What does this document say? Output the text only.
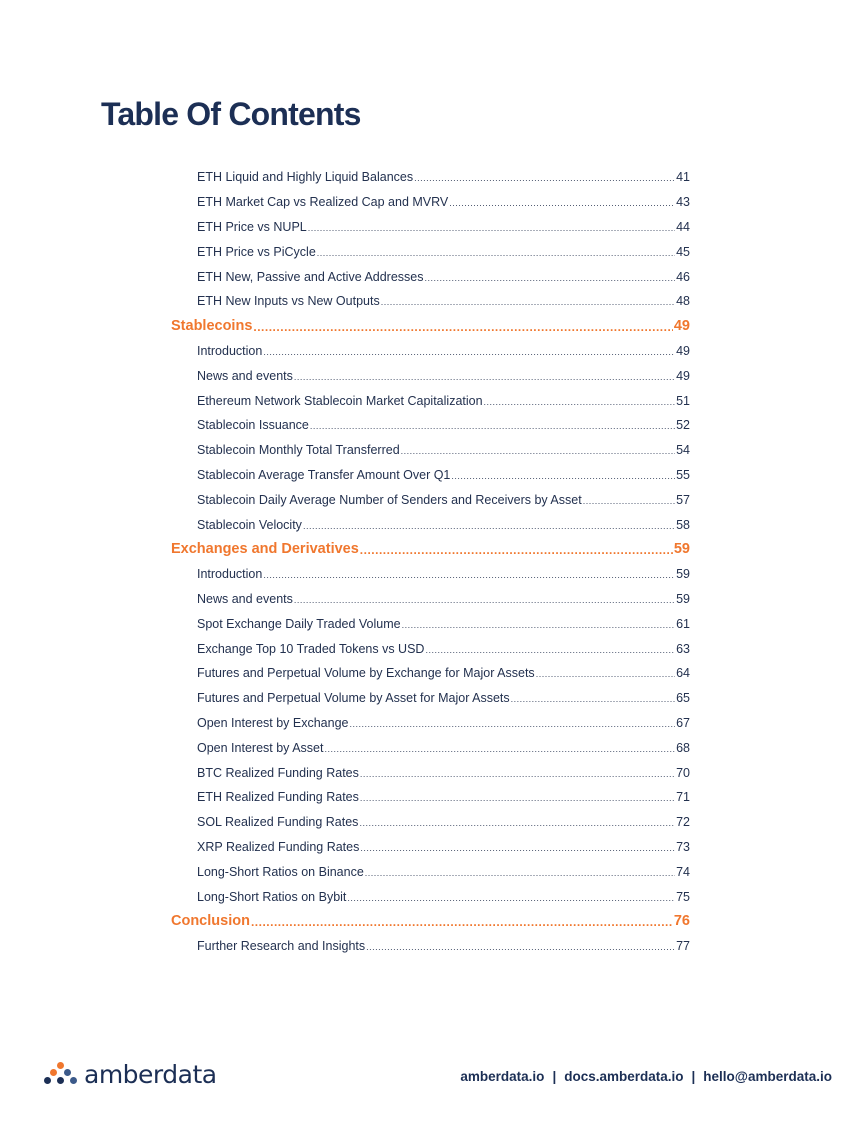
Table Of Contents
ETH Liquid and Highly Liquid Balances .....	41
ETH Market Cap vs Realized Cap and MVRV .....	43
ETH Price vs NUPL .....	44
ETH Price vs PiCycle .....	45
ETH New, Passive and Active Addresses .....	46
ETH New Inputs vs New Outputs .....	48
Stablecoins .....	49
Introduction .....	49
News and events .....	49
Ethereum Network Stablecoin Market Capitalization .....	51
Stablecoin Issuance .....	52
Stablecoin Monthly Total Transferred .....	54
Stablecoin Average Transfer Amount Over Q1 .....	55
Stablecoin Daily Average Number of Senders and Receivers by Asset .....	57
Stablecoin Velocity .....	58
Exchanges and Derivatives .....	59
Introduction .....	59
News and events .....	59
Spot Exchange Daily Traded Volume .....	61
Exchange Top 10 Traded Tokens vs USD .....	63
Futures and Perpetual Volume by Exchange for Major Assets .....	64
Futures and Perpetual Volume by Asset for Major Assets .....	65
Open Interest by Exchange .....	67
Open Interest by Asset .....	68
BTC Realized Funding Rates .....	70
ETH Realized Funding Rates .....	71
SOL Realized Funding Rates .....	72
XRP Realized Funding Rates .....	73
Long-Short Ratios on Binance .....	74
Long-Short Ratios on Bybit .....	75
Conclusion .....	76
Further Research and Insights .....	77
amberdata	amberdata.io | docs.amberdata.io | hello@amberdata.io
